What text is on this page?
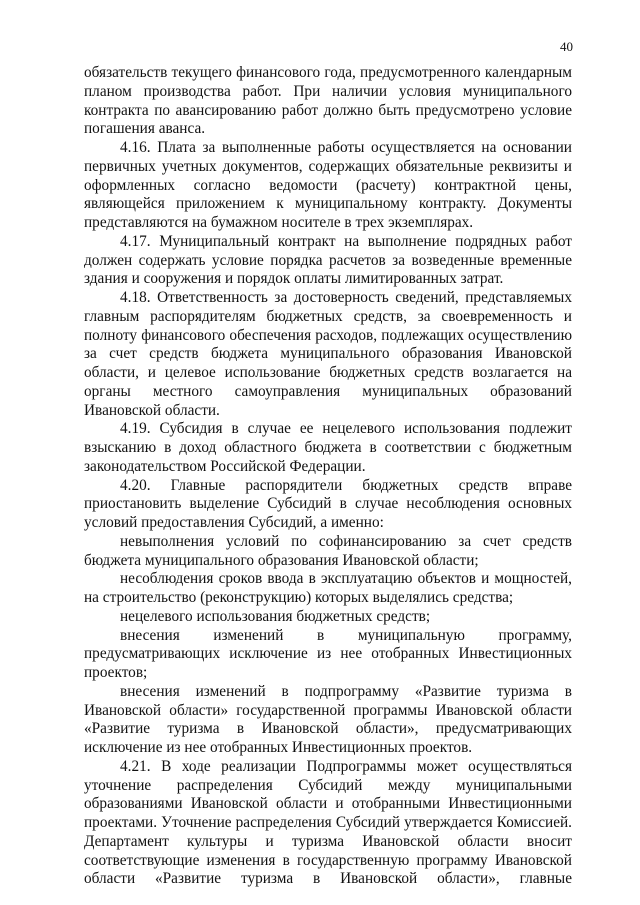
40

обязательств текущего финансового года, предусмотренного календарным планом производства работ. При наличии условия муниципального контракта по авансированию работ должно быть предусмотрено условие погашения аванса.

4.16. Плата за выполненные работы осуществляется на основании первичных учетных документов, содержащих обязательные реквизиты и оформленных согласно ведомости (расчету) контрактной цены, являющейся приложением к муниципальному контракту. Документы представляются на бумажном носителе в трех экземплярах.

4.17. Муниципальный контракт на выполнение подрядных работ должен содержать условие порядка расчетов за возведенные временные здания и сооружения и порядок оплаты лимитированных затрат.

4.18. Ответственность за достоверность сведений, представляемых главным распорядителям бюджетных средств, за своевременность и полноту финансового обеспечения расходов, подлежащих осуществлению за счет средств бюджета муниципального образования Ивановской области, и целевое использование бюджетных средств возлагается на органы местного самоуправления муниципальных образований Ивановской области.

4.19. Субсидия в случае ее нецелевого использования подлежит взысканию в доход областного бюджета в соответствии с бюджетным законодательством Российской Федерации.

4.20. Главные распорядители бюджетных средств вправе приостановить выделение Субсидий в случае несоблюдения основных условий предоставления Субсидий, а именно:

невыполнения условий по софинансированию за счет средств бюджета муниципального образования Ивановской области;

несоблюдения сроков ввода в эксплуатацию объектов и мощностей, на строительство (реконструкцию) которых выделялись средства;

нецелевого использования бюджетных средств;

внесения изменений в муниципальную программу, предусматривающих исключение из нее отобранных Инвестиционных проектов;

внесения изменений в подпрограмму «Развитие туризма в Ивановской области» государственной программы Ивановской области «Развитие туризма в Ивановской области», предусматривающих исключение из нее отобранных Инвестиционных проектов.

4.21. В ходе реализации Подпрограммы может осуществляться уточнение распределения Субсидий между муниципальными образованиями Ивановской области и отобранными Инвестиционными проектами. Уточнение распределения Субсидий утверждается Комиссией. Департамент культуры и туризма Ивановской области вносит соответствующие изменения в государственную программу Ивановской области «Развитие туризма в Ивановской области», главные
